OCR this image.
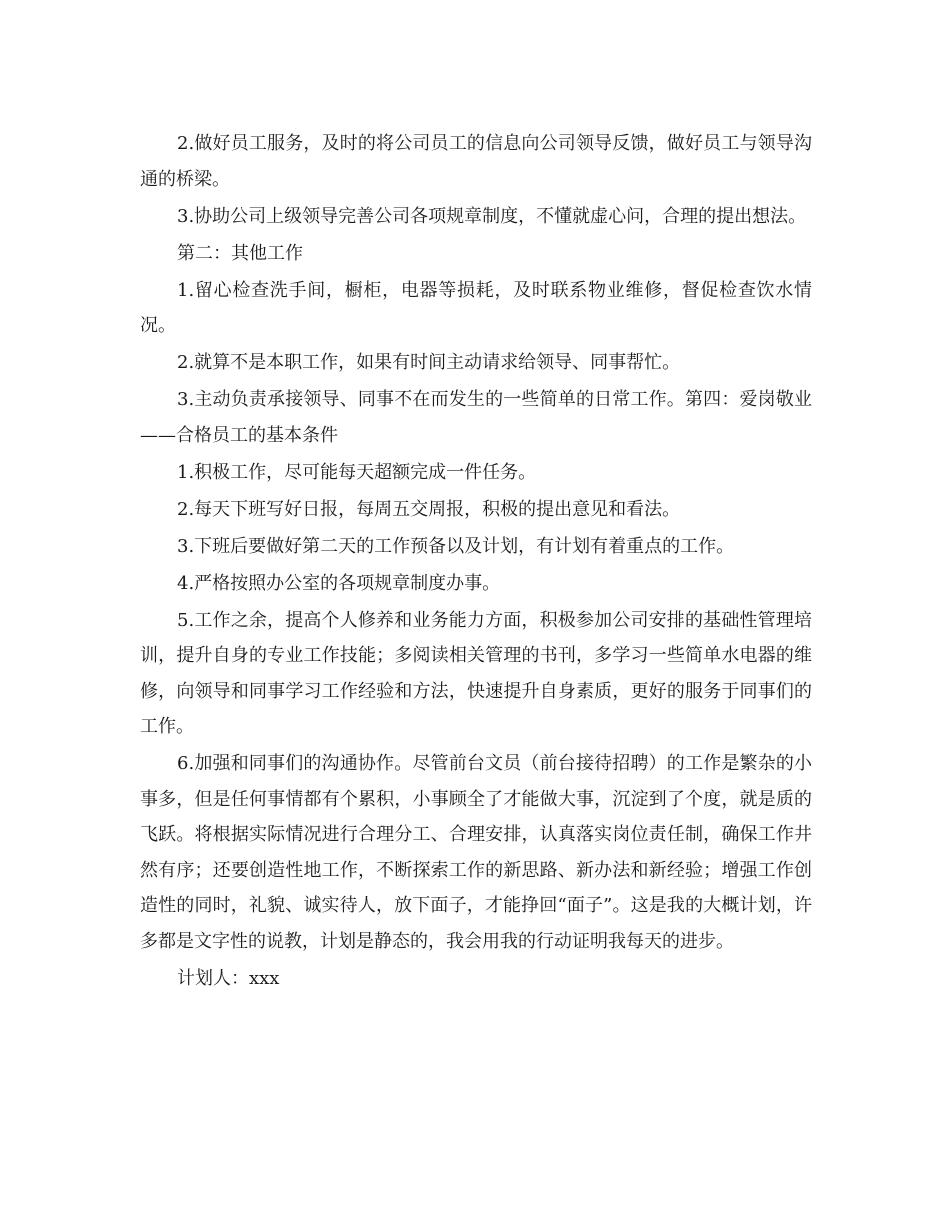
2.做好员工服务，及时的将公司员工的信息向公司领导反馈，做好员工与领导沟通的桥梁。

3.协助公司上级领导完善公司各项规章制度，不懂就虚心问，合理的提出想法。

第二：其他工作

1.留心检查洗手间，橱柜，电器等损耗，及时联系物业维修，督促检查饮水情况。

2.就算不是本职工作，如果有时间主动请求给领导、同事帮忙。

3.主动负责承接领导、同事不在而发生的一些简单的日常工作。第四：爱岗敬业——合格员工的基本条件

1.积极工作，尽可能每天超额完成一件任务。

2.每天下班写好日报，每周五交周报，积极的提出意见和看法。

3.下班后要做好第二天的工作预备以及计划，有计划有着重点的工作。

4.严格按照办公室的各项规章制度办事。

5.工作之余，提高个人修养和业务能力方面，积极参加公司安排的基础性管理培训，提升自身的专业工作技能；多阅读相关管理的书刊，多学习一些简单水电器的维修，向领导和同事学习工作经验和方法，快速提升自身素质，更好的服务于同事们的工作。

6.加强和同事们的沟通协作。尽管前台文员（前台接待招聘）的工作是繁杂的小事多，但是任何事情都有个累积，小事顾全了才能做大事，沉淀到了个度，就是质的飞跃。将根据实际情况进行合理分工、合理安排，认真落实岗位责任制，确保工作井然有序；还要创造性地工作，不断探索工作的新思路、新办法和新经验；增强工作创造性的同时，礼貌、诚实待人，放下面子，才能挣回“面子”。这是我的大概计划，许多都是文字性的说教，计划是静态的，我会用我的行动证明我每天的进步。

计划人：xxx
